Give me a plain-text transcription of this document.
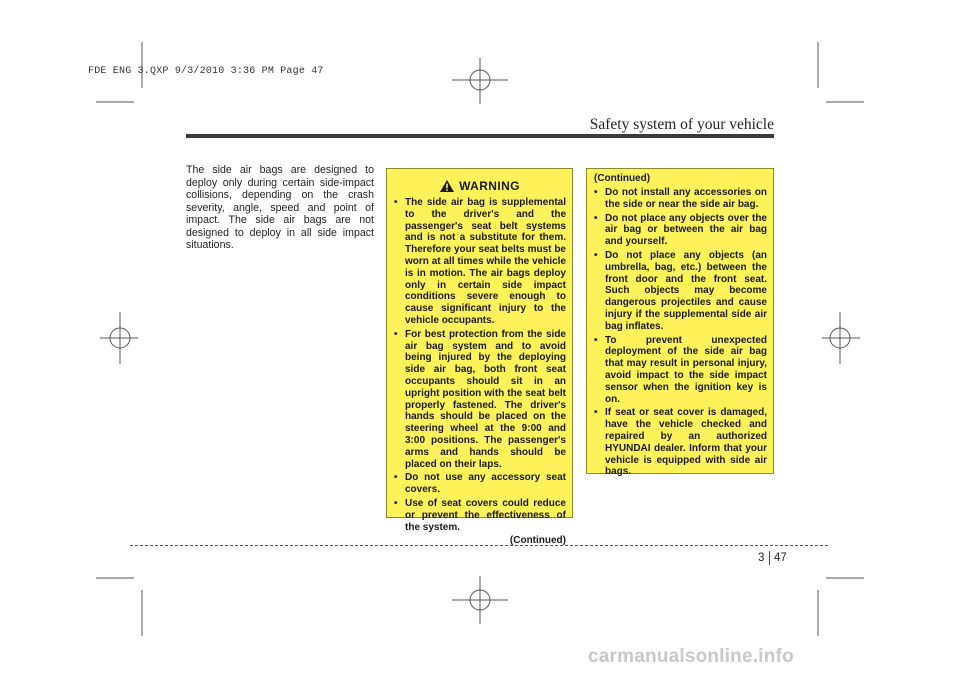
FDE ENG 3.QXP 9/3/2010 3:36 PM Page 47
Safety system of your vehicle

The side air bags are designed to deploy only during certain side-impact collisions, depending on the crash severity, angle, speed and point of impact. The side air bags are not designed to deploy in all side impact situations.

WARNING
• The side air bag is supplemental to the driver's and the passenger's seat belt systems and is not a substitute for them. Therefore your seat belts must be worn at all times while the vehicle is in motion. The air bags deploy only in certain side impact conditions severe enough to cause significant injury to the vehicle occupants.
• For best protection from the side air bag system and to avoid being injured by the deploying side air bag, both front seat occupants should sit in an upright position with the seat belt properly fastened. The driver's hands should be placed on the steering wheel at the 9:00 and 3:00 positions. The passenger's arms and hands should be placed on their laps.
• Do not use any accessory seat covers.
• Use of seat covers could reduce or prevent the effectiveness of the system.
(Continued)
(Continued)
• Do not install any accessories on the side or near the side air bag.
• Do not place any objects over the air bag or between the air bag and yourself.
• Do not place any objects (an umbrella, bag, etc.) between the front door and the front seat. Such objects may become dangerous projectiles and cause injury if the supplemental side air bag inflates.
• To prevent unexpected deployment of the side air bag that may result in personal injury, avoid impact to the side impact sensor when the ignition key is on.
• If seat or seat cover is damaged, have the vehicle checked and repaired by an authorized HYUNDAI dealer. Inform that your vehicle is equipped with side air bags.
3 47
carmanualsonline.info
